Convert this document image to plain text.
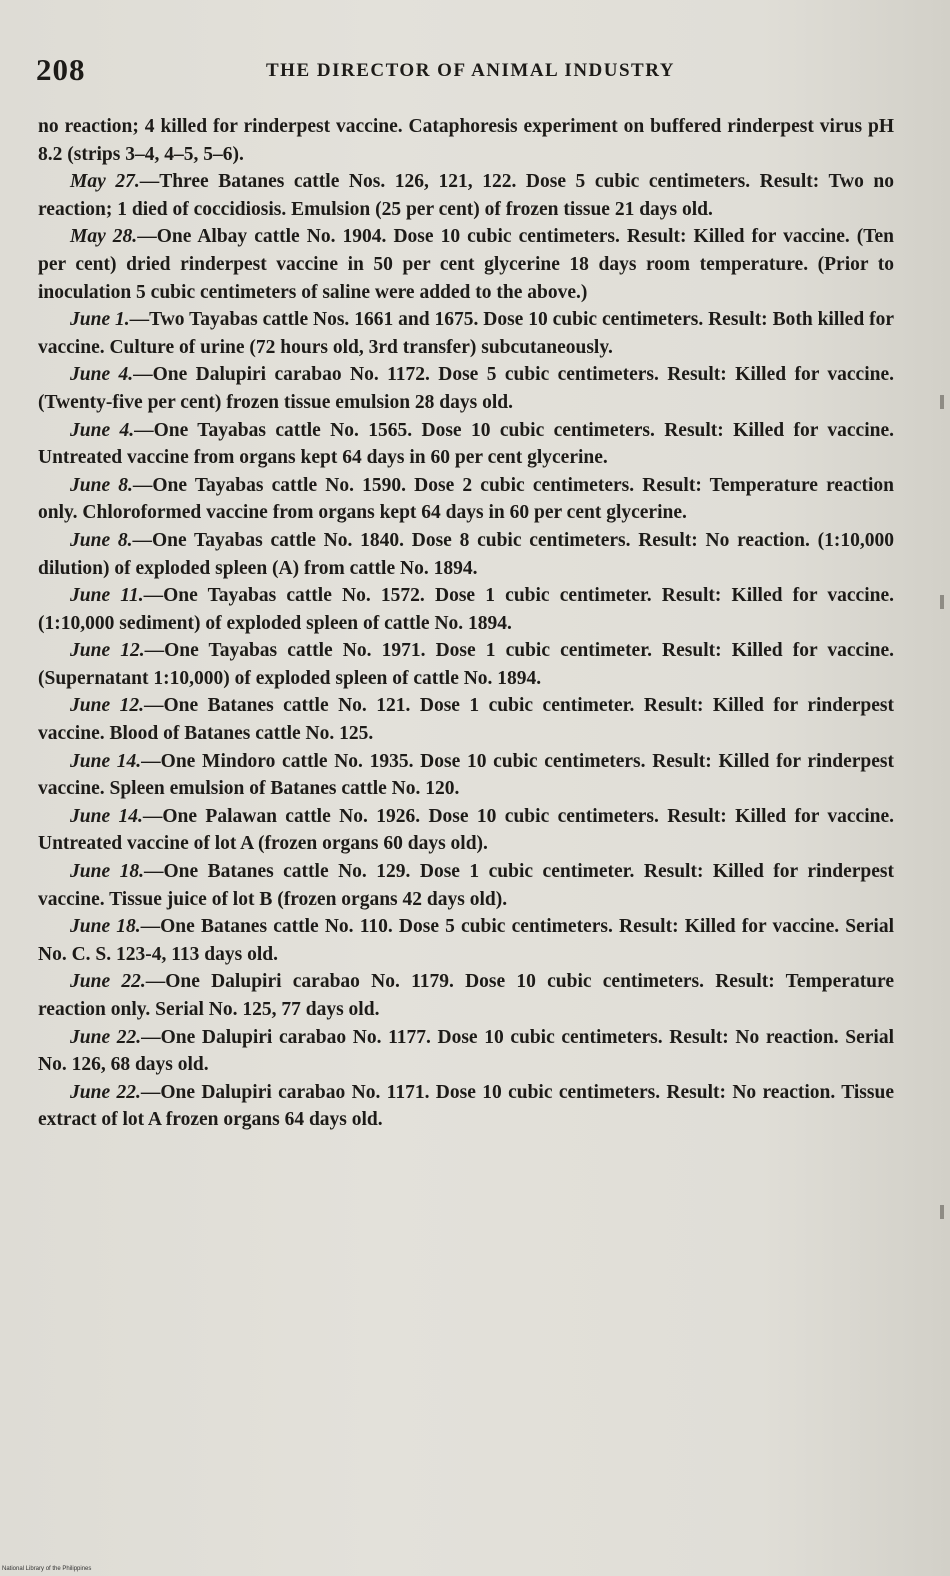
208	THE DIRECTOR OF ANIMAL INDUSTRY

no reaction; 4 killed for rinderpest vaccine. Cataphoresis experiment on buffered rinderpest virus pH 8.2 (strips 3–4, 4–5, 5–6).

May 27.—Three Batanes cattle Nos. 126, 121, 122. Dose 5 cubic centimeters. Result: Two no reaction; 1 died of coccidiosis. Emulsion (25 per cent) of frozen tissue 21 days old.

May 28.—One Albay cattle No. 1904. Dose 10 cubic centimeters. Result: Killed for vaccine. (Ten per cent) dried rinderpest vaccine in 50 per cent glycerine 18 days room temperature. (Prior to inoculation 5 cubic centimeters of saline were added to the above.)

June 1.—Two Tayabas cattle Nos. 1661 and 1675. Dose 10 cubic centimeters. Result: Both killed for vaccine. Culture of urine (72 hours old, 3rd transfer) subcutaneously.

June 4.—One Dalupiri carabao No. 1172. Dose 5 cubic centimeters. Result: Killed for vaccine. (Twenty-five per cent) frozen tissue emulsion 28 days old.

June 4.—One Tayabas cattle No. 1565. Dose 10 cubic centimeters. Result: Killed for vaccine. Untreated vaccine from organs kept 64 days in 60 per cent glycerine.

June 8.—One Tayabas cattle No. 1590. Dose 2 cubic centimeters. Result: Temperature reaction only. Chloroformed vaccine from organs kept 64 days in 60 per cent glycerine.

June 8.—One Tayabas cattle No. 1840. Dose 8 cubic centimeters. Result: No reaction. (1:10,000 dilution) of exploded spleen (A) from cattle No. 1894.

June 11.—One Tayabas cattle No. 1572. Dose 1 cubic centimeter. Result: Killed for vaccine. (1:10,000 sediment) of exploded spleen of cattle No. 1894.

June 12.—One Tayabas cattle No. 1971. Dose 1 cubic centimeter. Result: Killed for vaccine. (Supernatant 1:10,000) of exploded spleen of cattle No. 1894.

June 12.—One Batanes cattle No. 121. Dose 1 cubic centimeter. Result: Killed for rinderpest vaccine. Blood of Batanes cattle No. 125.

June 14.—One Mindoro cattle No. 1935. Dose 10 cubic centimeters. Result: Killed for rinderpest vaccine. Spleen emulsion of Batanes cattle No. 120.

June 14.—One Palawan cattle No. 1926. Dose 10 cubic centimeters. Result: Killed for vaccine. Untreated vaccine of lot A (frozen organs 60 days old).

June 18.—One Batanes cattle No. 129. Dose 1 cubic centimeter. Result: Killed for rinderpest vaccine. Tissue juice of lot B (frozen organs 42 days old).

June 18.—One Batanes cattle No. 110. Dose 5 cubic centimeters. Result: Killed for vaccine. Serial No. C. S. 123-4, 113 days old.

June 22.—One Dalupiri carabao No. 1179. Dose 10 cubic centimeters. Result: Temperature reaction only. Serial No. 125, 77 days old.

June 22.—One Dalupiri carabao No. 1177. Dose 10 cubic centimeters. Result: No reaction. Serial No. 126, 68 days old.

June 22.—One Dalupiri carabao No. 1171. Dose 10 cubic centimeters. Result: No reaction. Tissue extract of lot A frozen organs 64 days old.

National Library of the Philippines
